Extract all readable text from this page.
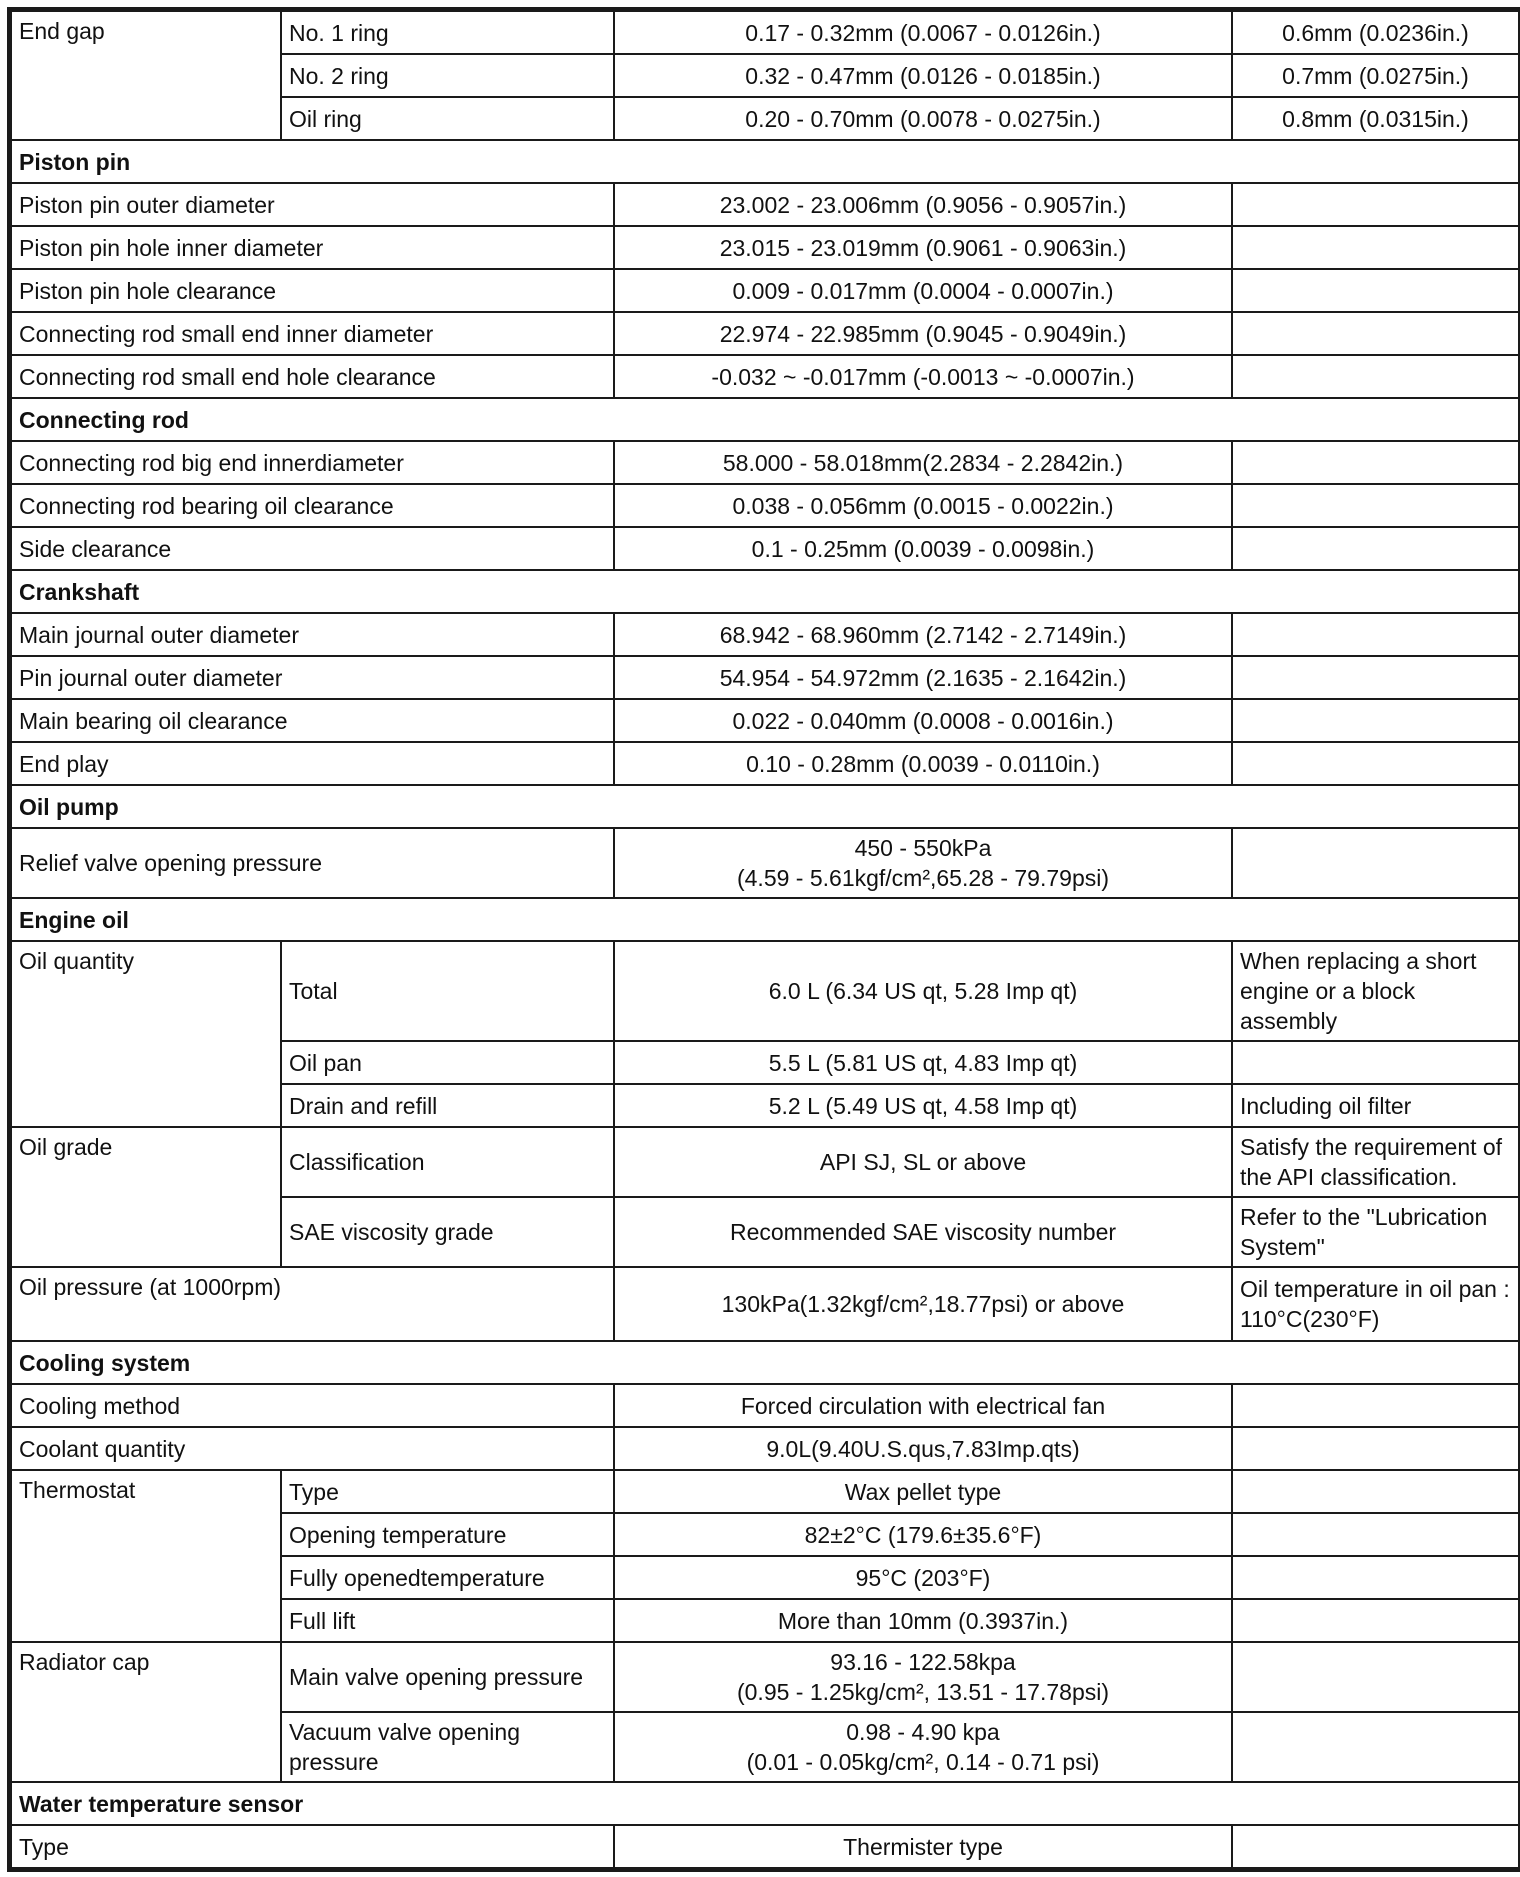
End gap	No. 1 ring	0.17 - 0.32mm (0.0067 - 0.0126in.)	0.6mm (0.0236in.)
	No. 2 ring	0.32 - 0.47mm (0.0126 - 0.0185in.)	0.7mm (0.0275in.)
	Oil ring	0.20 - 0.70mm (0.0078 - 0.0275in.)	0.8mm (0.0315in.)
Piston pin			
Piston pin outer diameter		23.002 - 23.006mm (0.9056 - 0.9057in.)	
Piston pin hole inner diameter		23.015 - 23.019mm (0.9061 - 0.9063in.)	
Piston pin hole clearance		0.009 - 0.017mm (0.0004 - 0.0007in.)	
Connecting rod small end inner diameter		22.974 - 22.985mm (0.9045 - 0.9049in.)	
Connecting rod small end hole clearance		-0.032 ~ -0.017mm (-0.0013 ~ -0.0007in.)	
Connecting rod			
Connecting rod big end innerdiameter		58.000 - 58.018mm(2.2834 - 2.2842in.)	
Connecting rod bearing oil clearance		0.038 - 0.056mm (0.0015 - 0.0022in.)	
Side clearance		0.1 - 0.25mm (0.0039 - 0.0098in.)	
Crankshaft			
Main journal outer diameter		68.942 - 68.960mm (2.7142 - 2.7149in.)	
Pin journal outer diameter		54.954 - 54.972mm (2.1635 - 2.1642in.)	
Main bearing oil clearance		0.022 - 0.040mm (0.0008 - 0.0016in.)	
End play		0.10 - 0.28mm (0.0039 - 0.0110in.)	
Oil pump			
Relief valve opening pressure		450 - 550kPa
(4.59 - 5.61kgf/cm²,65.28 - 79.79psi)	

Engine oil			
Oil quantity	Total	6.0 L (6.34 US qt, 5.28 Imp qt)	When replacing a short engine or a block assembly
	Oil pan	5.5 L (5.81 US qt, 4.83 Imp qt)	
	Drain and refill	5.2 L (5.49 US qt, 4.58 Imp qt)	Including oil filter
Oil grade	Classification	API SJ, SL or above	Satisfy the requirement of the API classification.
	SAE viscosity grade	Recommended SAE viscosity number	Refer to the "Lubrication System"
Oil pressure (at 1000rpm)		130kPa(1.32kgf/cm²,18.77psi) or above	Oil temperature in oil pan : 110°C(230°F)
Cooling system			
Cooling method		Forced circulation with electrical fan	
Coolant quantity		9.0L(9.40U.S.qus,7.83Imp.qts)	
Thermostat	Type	Wax pellet type	
	Opening temperature	82±2°C (179.6±35.6°F)	
	Fully openedtemperature	95°C (203°F)	
	Full lift	More than 10mm (0.3937in.)	
Radiator cap	Main valve opening pressure	93.16 - 122.58kpa
(0.95 - 1.25kg/cm², 13.51 - 17.78psi)	

	Vacuum valve opening pressure	0.98 - 4.90 kpa
(0.01 - 0.05kg/cm², 0.14 - 0.71 psi)	

Water temperature sensor			
Type		Thermister type	
